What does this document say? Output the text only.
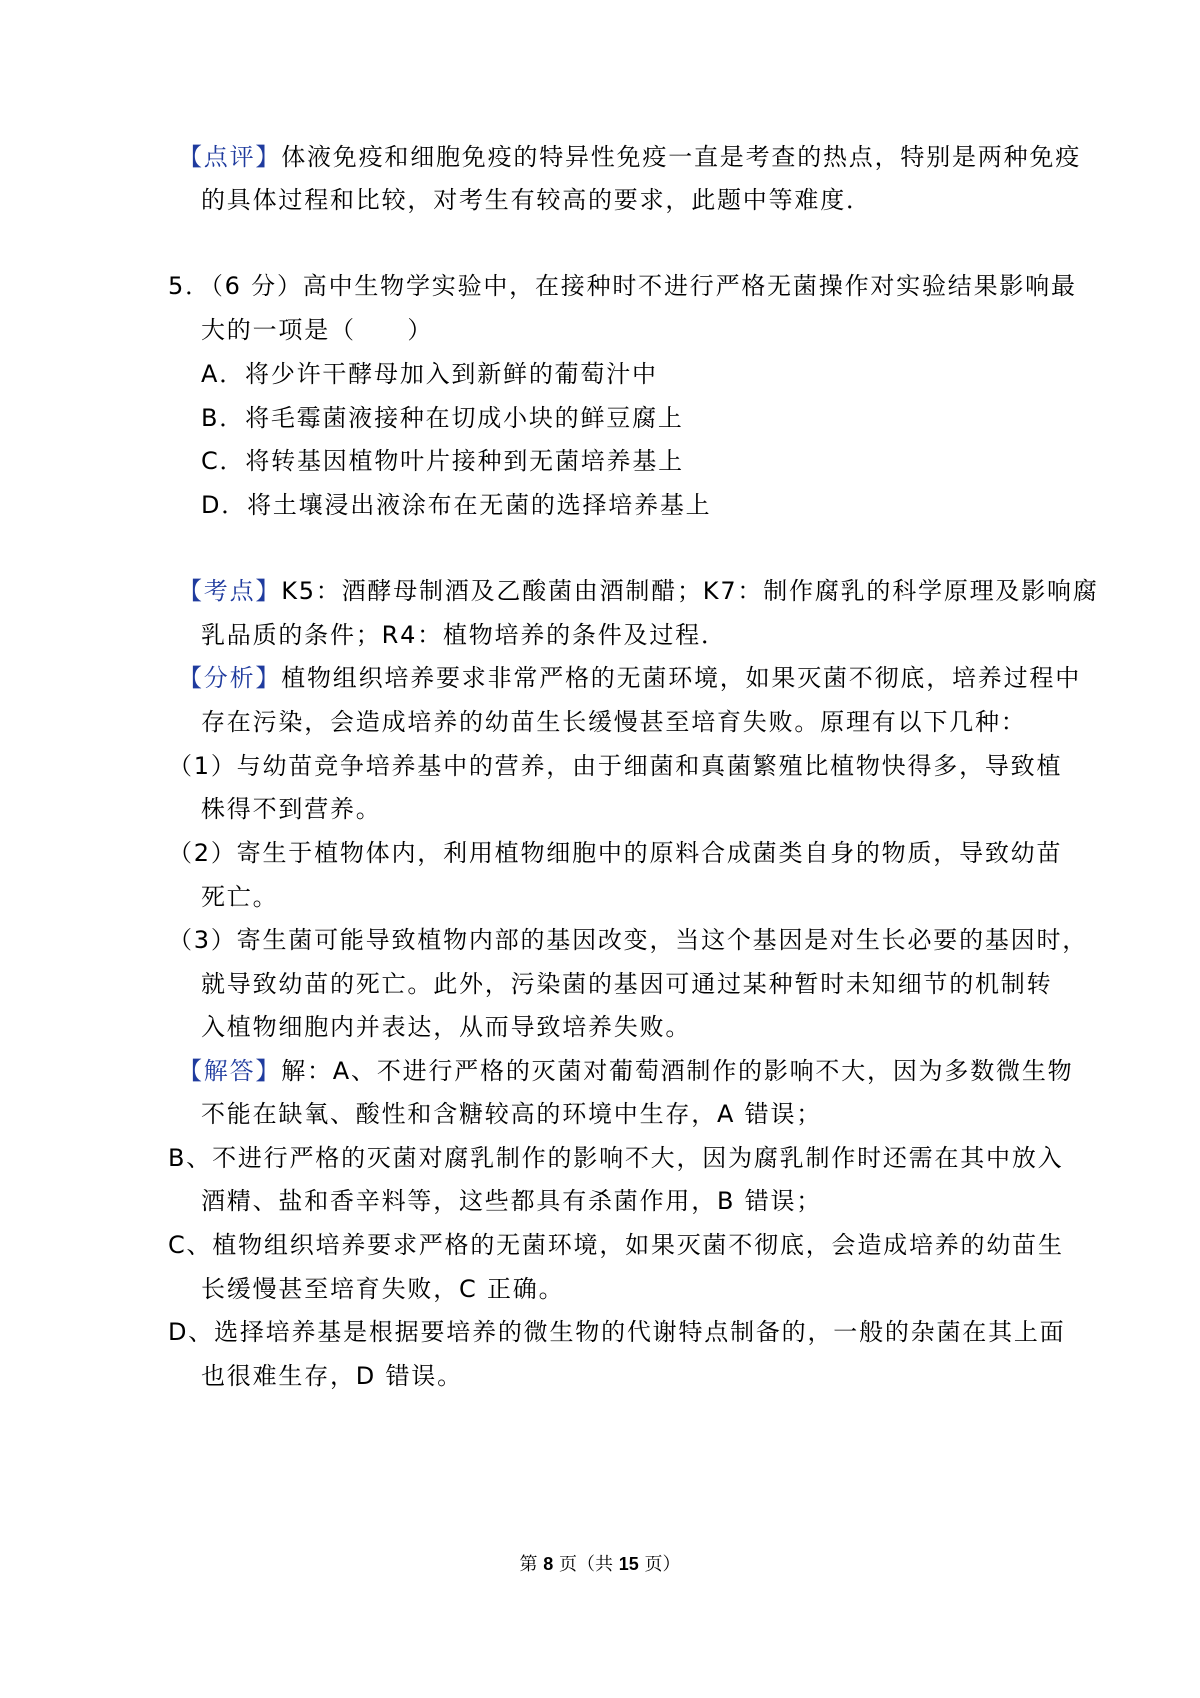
【点评】体液免疫和细胞免疫的特异性免疫一直是考查的热点，特别是两种免疫
的具体过程和比较，对考生有较高的要求，此题中等难度．
5．（6 分）高中生物学实验中，在接种时不进行严格无菌操作对实验结果影响最
大的一项是（　　）
A．将少许干酵母加入到新鲜的葡萄汁中
B．将毛霉菌液接种在切成小块的鲜豆腐上
C．将转基因植物叶片接种到无菌培养基上
D．将土壤浸出液涂布在无菌的选择培养基上
【考点】K5：酒酵母制酒及乙酸菌由酒制醋；K7：制作腐乳的科学原理及影响腐
乳品质的条件；R4：植物培养的条件及过程．
【分析】植物组织培养要求非常严格的无菌环境，如果灭菌不彻底，培养过程中
存在污染，会造成培养的幼苗生长缓慢甚至培育失败。原理有以下几种：
（1）与幼苗竞争培养基中的营养，由于细菌和真菌繁殖比植物快得多，导致植
株得不到营养。
（2）寄生于植物体内，利用植物细胞中的原料合成菌类自身的物质，导致幼苗
死亡。
（3）寄生菌可能导致植物内部的基因改变，当这个基因是对生长必要的基因时，
就导致幼苗的死亡。此外，污染菌的基因可通过某种暂时未知细节的机制转
入植物细胞内并表达，从而导致培养失败。
【解答】解：A、不进行严格的灭菌对葡萄酒制作的影响不大，因为多数微生物
不能在缺氧、酸性和含糖较高的环境中生存，A 错误；
B、不进行严格的灭菌对腐乳制作的影响不大，因为腐乳制作时还需在其中放入
酒精、盐和香辛料等，这些都具有杀菌作用，B 错误；
C、植物组织培养要求严格的无菌环境，如果灭菌不彻底，会造成培养的幼苗生
长缓慢甚至培育失败，C 正确。
D、选择培养基是根据要培养的微生物的代谢特点制备的，一般的杂菌在其上面
也很难生存，D 错误。
第 8 页（共 15 页）
